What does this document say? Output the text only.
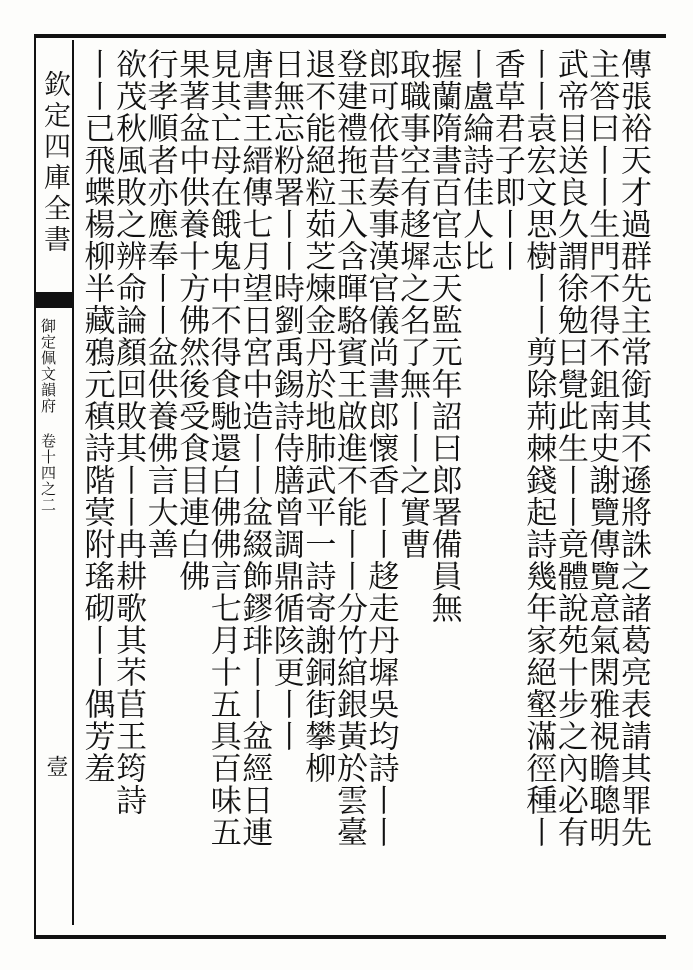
欽定四庫全書
御定佩文韻府 卷十四之二
壹	傳張裕天才過群先主常銜其不遜將誅之諸葛亮表請其罪先
主答曰丨丨生門不得不鉏南史謝覽傳覽意氣閑雅視瞻聰明
武帝目送良久謂徐勉曰覺此生丨丨竟體說苑十步之內必有
丨丨袁宏文思樹丨丨剪除荊棘錢起詩幾年家絕壑滿徑種丨
香草君子即丨丨
丨盧綸詩佳人比
握蘭隋書百官志天監元年詔曰郎署備員無
取職事空有趍墀之名了無丨丨之實曹
郎可依昔奏事漢官儀尚書郎懷香丨丨趍走丹墀吳均詩丨丨
登建禮拖玉入含暉駱賓王啟進不能丨丨分竹綰銀黃於雲臺
退不能絕粒茹芝煉金丹於地肺武平一詩寄謝銅街攀柳
日無忘粉署丨丨時劉禹錫詩侍膳曾調鼎循陔更丨丨
唐書王縉傳七月望日宮中造丨丨盆綴飾鏐琲丨丨盆經日連
見其亡母在餓鬼中不得食馳還白佛佛言七月十五具百味五
果著盆中供養十方佛然後受食目連白佛
行孝順者亦應奉丨丨盆供養佛言大善
欲茂秋風敗之辨命論顏回敗其丨丨冉耕歌其芣苢王筠詩
丨丨已飛蝶楊柳半藏鴉元稹詩階蓂附瑤砌丨丨偶芳羞
